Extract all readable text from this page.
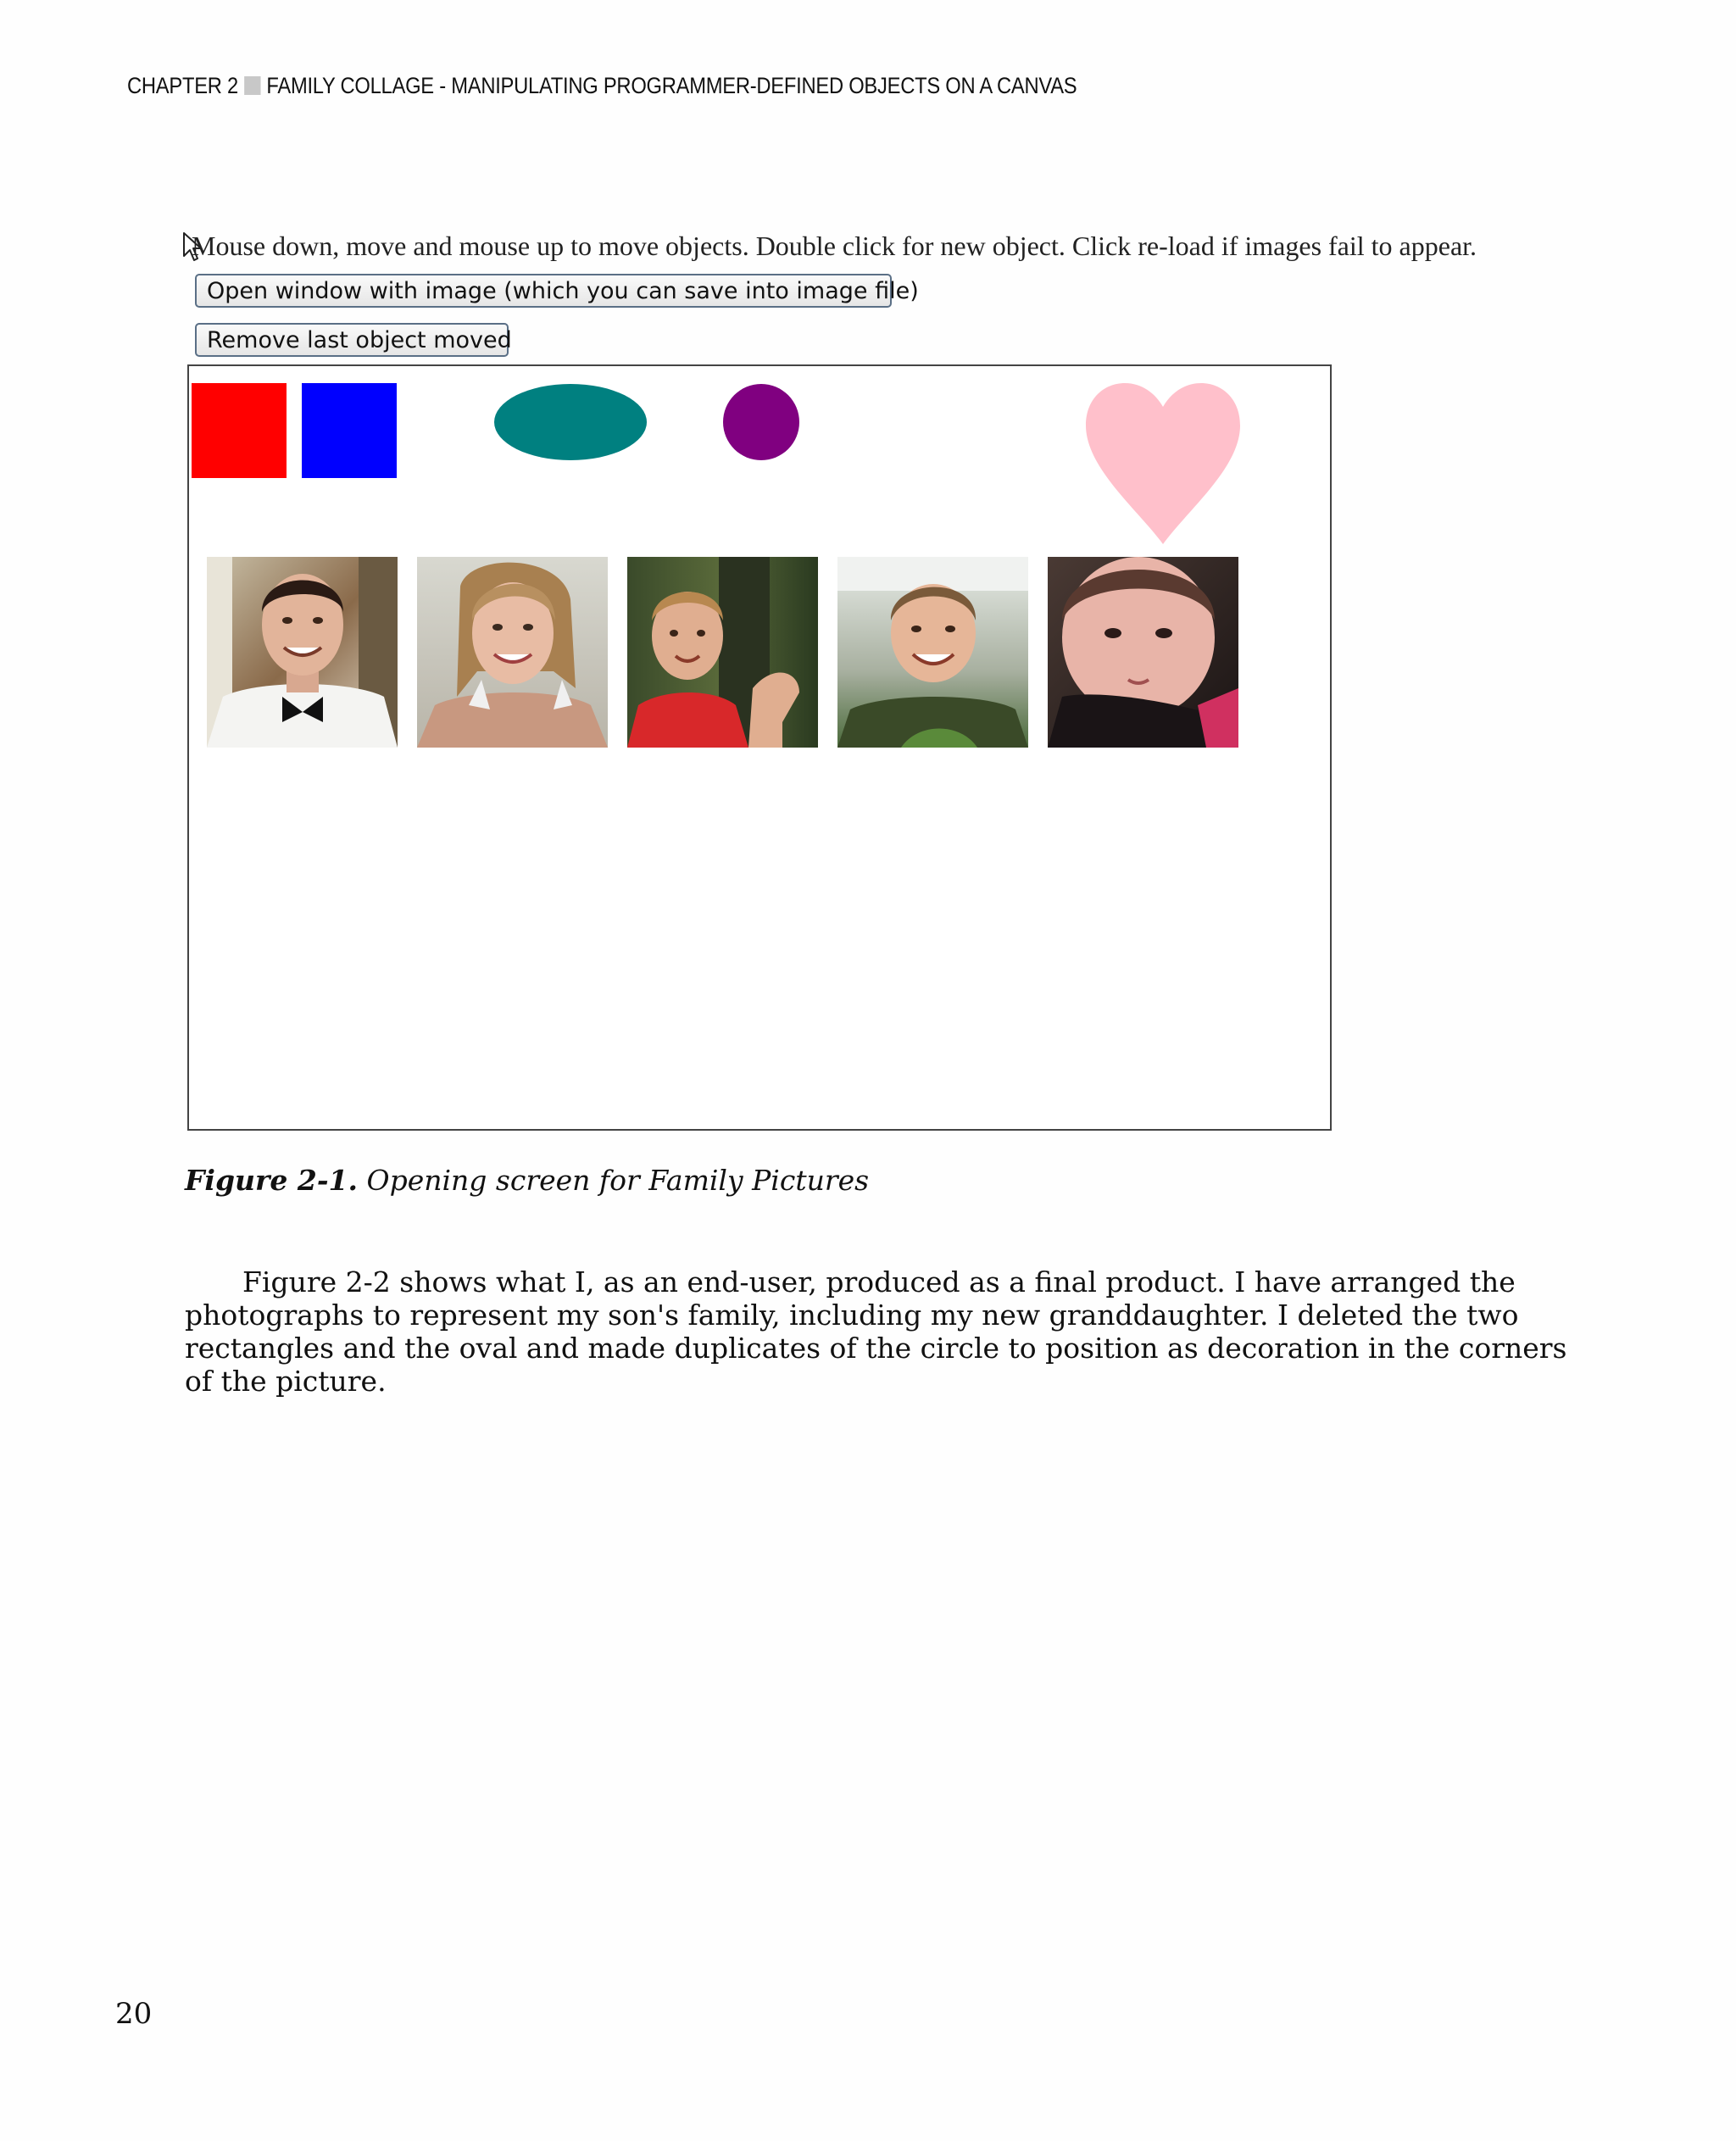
CHAPTER 2 FAMILY COLLAGE - MANIPULATING PROGRAMMER-DEFINED OBJECTS ON A CANVAS
Mouse down, move and mouse up to move objects. Double click for new object. Click re-load if images fail to appear.
Open window with image (which you can save into image file)
Remove last object moved
Figure 2-1. Opening screen for Family Pictures

Figure 2-2 shows what I, as an end-user, produced as a final product. I have arranged the photographs to represent my son's family, including my new granddaughter. I deleted the two rectangles and the oval and made duplicates of the circle to position as decoration in the corners of the picture.

20
